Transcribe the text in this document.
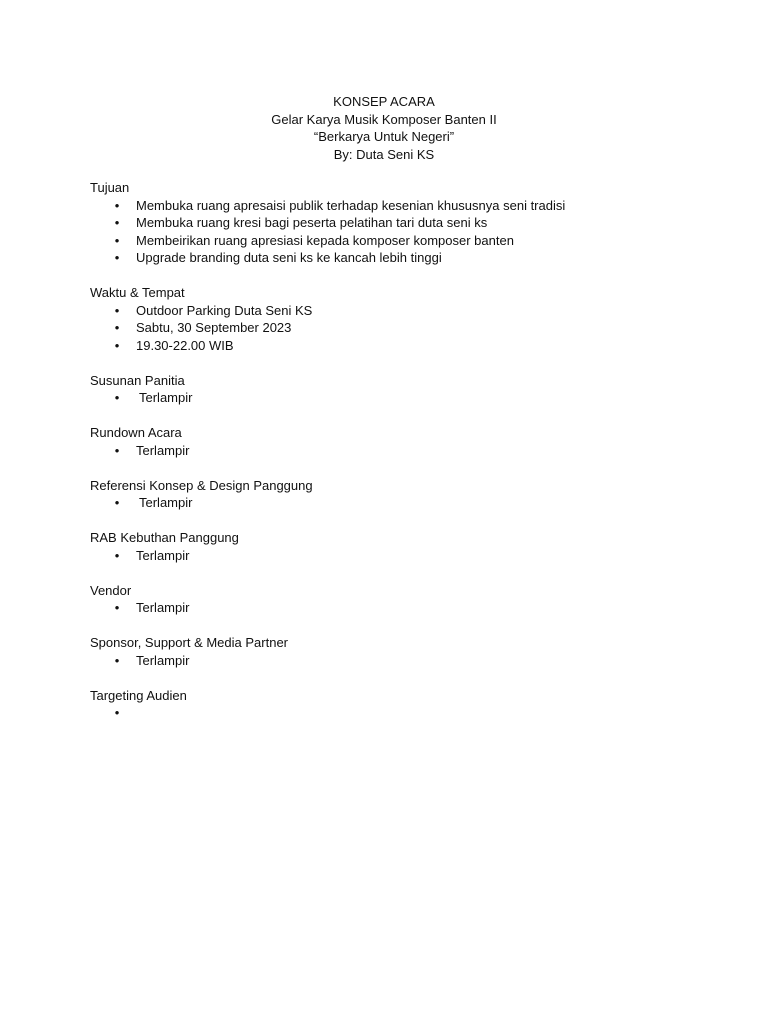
KONSEP ACARA
Gelar Karya Musik Komposer Banten II
“Berkarya Untuk Negeri”
By: Duta Seni KS
Tujuan
• Membuka ruang apresaisi publik terhadap kesenian khususnya seni tradisi
• Membuka ruang kresi bagi peserta pelatihan tari duta seni ks
• Membeirikan ruang apresiasi kepada komposer komposer banten
• Upgrade branding duta seni ks ke kancah lebih tinggi
Waktu & Tempat
• Outdoor Parking Duta Seni KS
• Sabtu, 30 September 2023
• 19.30-22.00 WIB
Susunan Panitia
• Terlampir
Rundown Acara
• Terlampir
Referensi Konsep & Design Panggung
• Terlampir
RAB Kebuthan Panggung
• Terlampir
Vendor
• Terlampir
Sponsor, Support & Media Partner
• Terlampir
Targeting Audien
•
